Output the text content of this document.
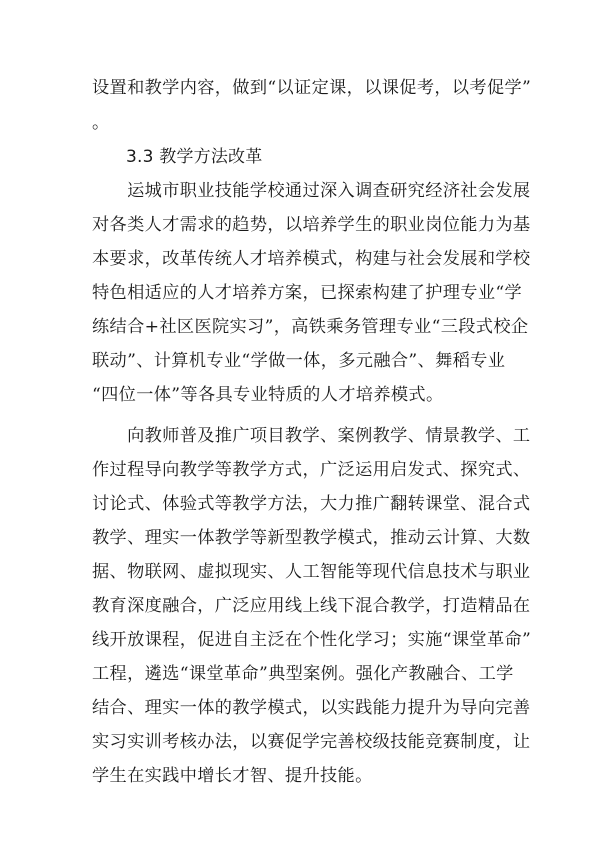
设置和教学内容，做到“以证定课，以课促考，以考促学”
。
3.3 教学方法改革
　　运城市职业技能学校通过深入调查研究经济社会发展
对各类人才需求的趋势，以培养学生的职业岗位能力为基
本要求，改革传统人才培养模式，构建与社会发展和学校
特色相适应的人才培养方案，已探索构建了护理专业“学
练结合+社区医院实习”，高铁乘务管理专业“三段式校企
联动”、计算机专业“学做一体，多元融合”、舞稻专业
“四位一体”等各具专业特质的人才培养模式。
　　向教师普及推广项目教学、案例教学、情景教学、工
作过程导向教学等教学方式，广泛运用启发式、探究式、
讨论式、体验式等教学方法，大力推广翻转课堂、混合式
教学、理实一体教学等新型教学模式，推动云计算、大数
据、物联网、虚拟现实、人工智能等现代信息技术与职业
教育深度融合，广泛应用线上线下混合教学，打造精品在
线开放课程，促进自主泛在个性化学习；实施“课堂革命”
工程，遴选“课堂革命”典型案例。强化产教融合、工学
结合、理实一体的教学模式，以实践能力提升为导向完善
实习实训考核办法，以赛促学完善校级技能竞赛制度，让
学生在实践中增长才智、提升技能。
